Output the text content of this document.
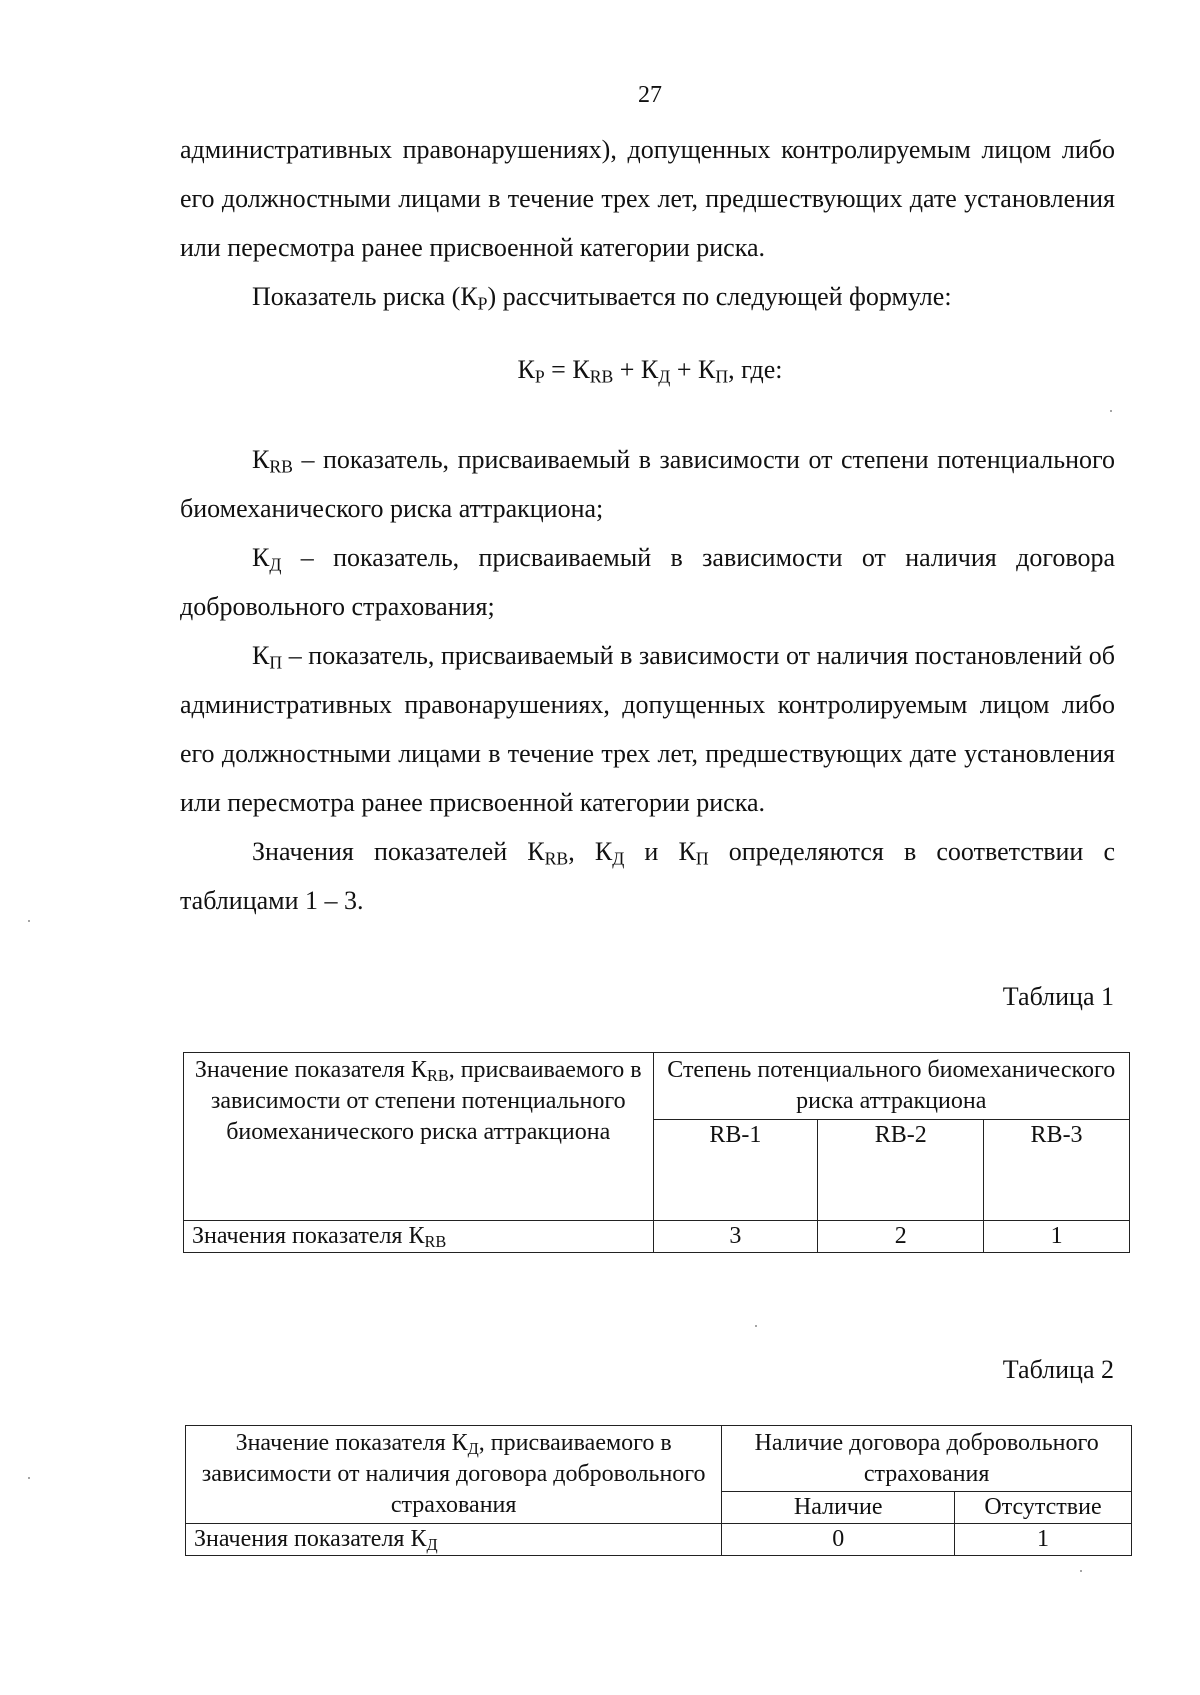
27

административных правонарушениях), допущенных контролируемым лицом либо его должностными лицами в течение трех лет, предшествующих дате установления или пересмотра ранее присвоенной категории риска.

Показатель риска $(К_Р)$ рассчитывается по следующей формуле:

$К_Р = К_{RB} + К_Д + К_П$, где:

$К_{RB}$ – показатель, присваиваемый в зависимости от степени потенциального биомеханического риска аттракциона;

$К_Д$ – показатель, присваиваемый в зависимости от наличия договора добровольного страхования;

$К_П$ – показатель, присваиваемый в зависимости от наличия постановлений об административных правонарушениях, допущенных контролируемым лицом либо его должностными лицами в течение трех лет, предшествующих дате установления или пересмотра ранее присвоенной категории риска.

Значения показателей $К_{RB}$, $К_Д$ и $К_П$ определяются в соответствии с таблицами 1 – 3.

Таблица 1
Значение показателя $К_{RB}$, присваиваемого в зависимости от степени потенциального биомеханического риска аттракциона	Степень потенциального биомеханического риска аттракциона		
	RB-1	RB-2	RB-3
Значения показателя $К_{RB}$	3	2	1
Таблица 2
Значение показателя $К_Д$, присваиваемого в зависимости от наличия договора добровольного страхования	Наличие договора добровольного страхования	
	Наличие	Отсутствие
Значения показателя $К_Д$	0	1
